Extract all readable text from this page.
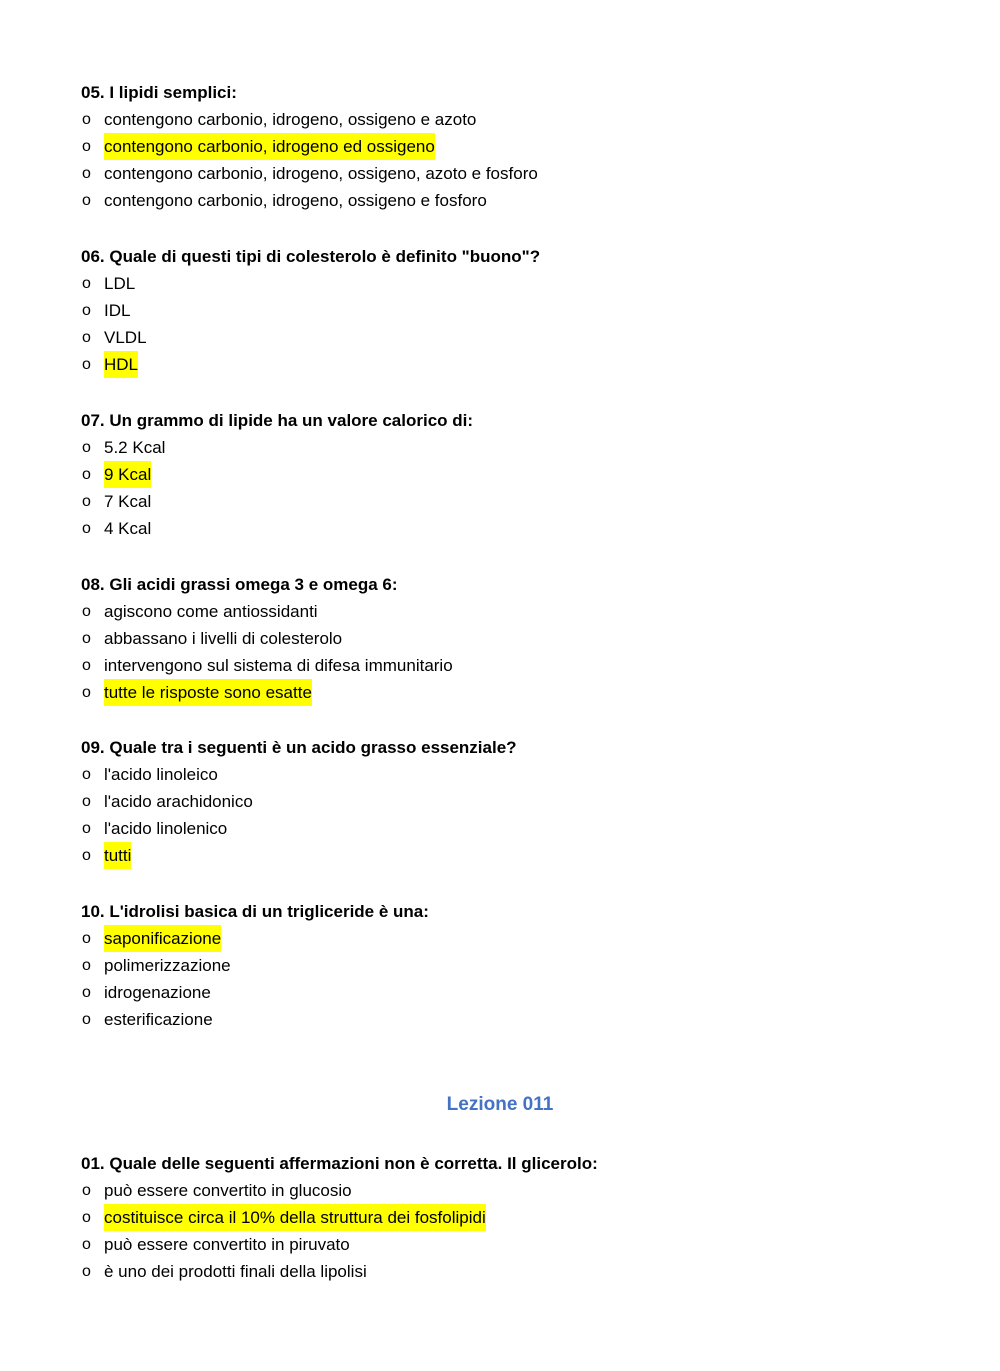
05. I lipidi semplici:
o contengono carbonio, idrogeno, ossigeno e azoto
o contengono carbonio, idrogeno ed ossigeno
o contengono carbonio, idrogeno, ossigeno, azoto e fosforo
o contengono carbonio, idrogeno, ossigeno e fosforo
06. Quale di questi tipi di colesterolo è definito "buono"?
o LDL
o IDL
o VLDL
o HDL
07. Un grammo di lipide ha un valore calorico di:
o 5.2 Kcal
o 9 Kcal
o 7 Kcal
o 4 Kcal
08. Gli acidi grassi omega 3 e omega 6:
o agiscono come antiossidanti
o abbassano i livelli di colesterolo
o intervengono sul sistema di difesa immunitario
o tutte le risposte sono esatte
09. Quale tra i seguenti è un acido grasso essenziale?
o l'acido linoleico
o l'acido arachidonico
o l'acido linolenico
o tutti
10. L'idrolisi basica di un trigliceride è una:
o saponificazione
o polimerizzazione
o idrogenazione
o esterificazione
Lezione 011
01. Quale delle seguenti affermazioni non è corretta. Il glicerolo:
o può essere convertito in glucosio
o costituisce circa il 10% della struttura dei fosfolipidi
o può essere convertito in piruvato
o è uno dei prodotti finali della lipolisi
